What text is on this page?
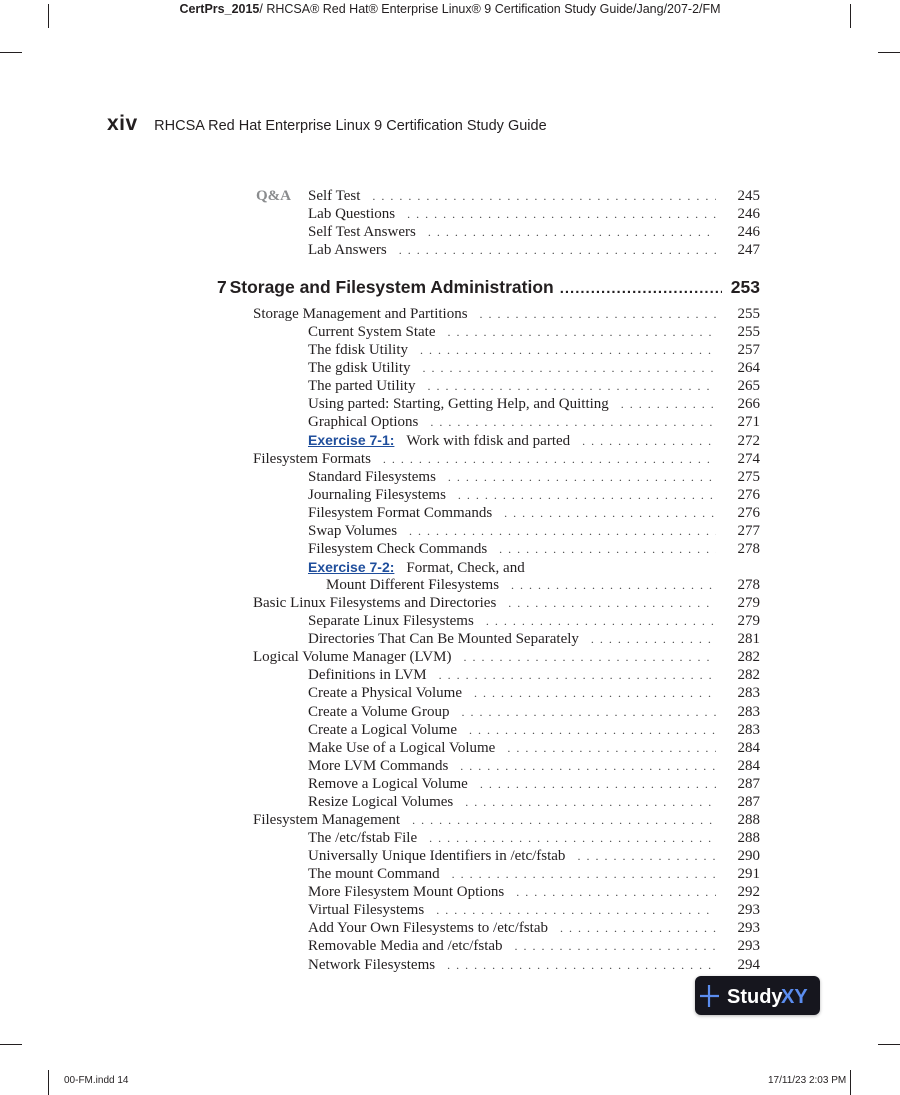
CertPrs_2015/ RHCSA® Red Hat® Enterprise Linux® 9 Certification Study Guide/Jang/207-2/FM
xiv RHCSA Red Hat Enterprise Linux 9 Certification Study Guide
7 Storage and Filesystem Administration .....	253
Q&A Self Test . . .	245
Lab Questions . . .	246
Self Test Answers . . .	246
Lab Answers . . .	247
Storage Management and Partitions . . .	255
Current System State . . .	255
The fdisk Utility . . .	257
The gdisk Utility . . .	264
The parted Utility . . .	265
Using parted: Starting, Getting Help, and Quitting . . .	266
Graphical Options . . .	271
Exercise 7-1: Work with fdisk and parted . . .	272
Filesystem Formats . . .	274
Standard Filesystems . . .	275
Journaling Filesystems . . .	276
Filesystem Format Commands . . .	276
Swap Volumes . . .	277
Filesystem Check Commands . . .	278
Exercise 7-2: Format, Check, and
Mount Different Filesystems . . .	278
Basic Linux Filesystems and Directories . . .	279
Separate Linux Filesystems . . .	279
Directories That Can Be Mounted Separately . . .	281
Logical Volume Manager (LVM) . . .	282
Definitions in LVM . . .	282
Create a Physical Volume . . .	283
Create a Volume Group . . .	283
Create a Logical Volume . . .	283
Make Use of a Logical Volume . . .	284
More LVM Commands . . .	284
Remove a Logical Volume . . .	287
Resize Logical Volumes . . .	287
Filesystem Management . . .	288
The /etc/fstab File . . .	288
Universally Unique Identifiers in /etc/fstab . . .	290
The mount Command . . .	291
More Filesystem Mount Options . . .	292
Virtual Filesystems . . .	293
Add Your Own Filesystems to /etc/fstab . . .	293
Removable Media and /etc/fstab . . .	293
Network Filesystems . . .	294
Study
XY
00-FM.indd 14	17/11/23 2:03 PM
